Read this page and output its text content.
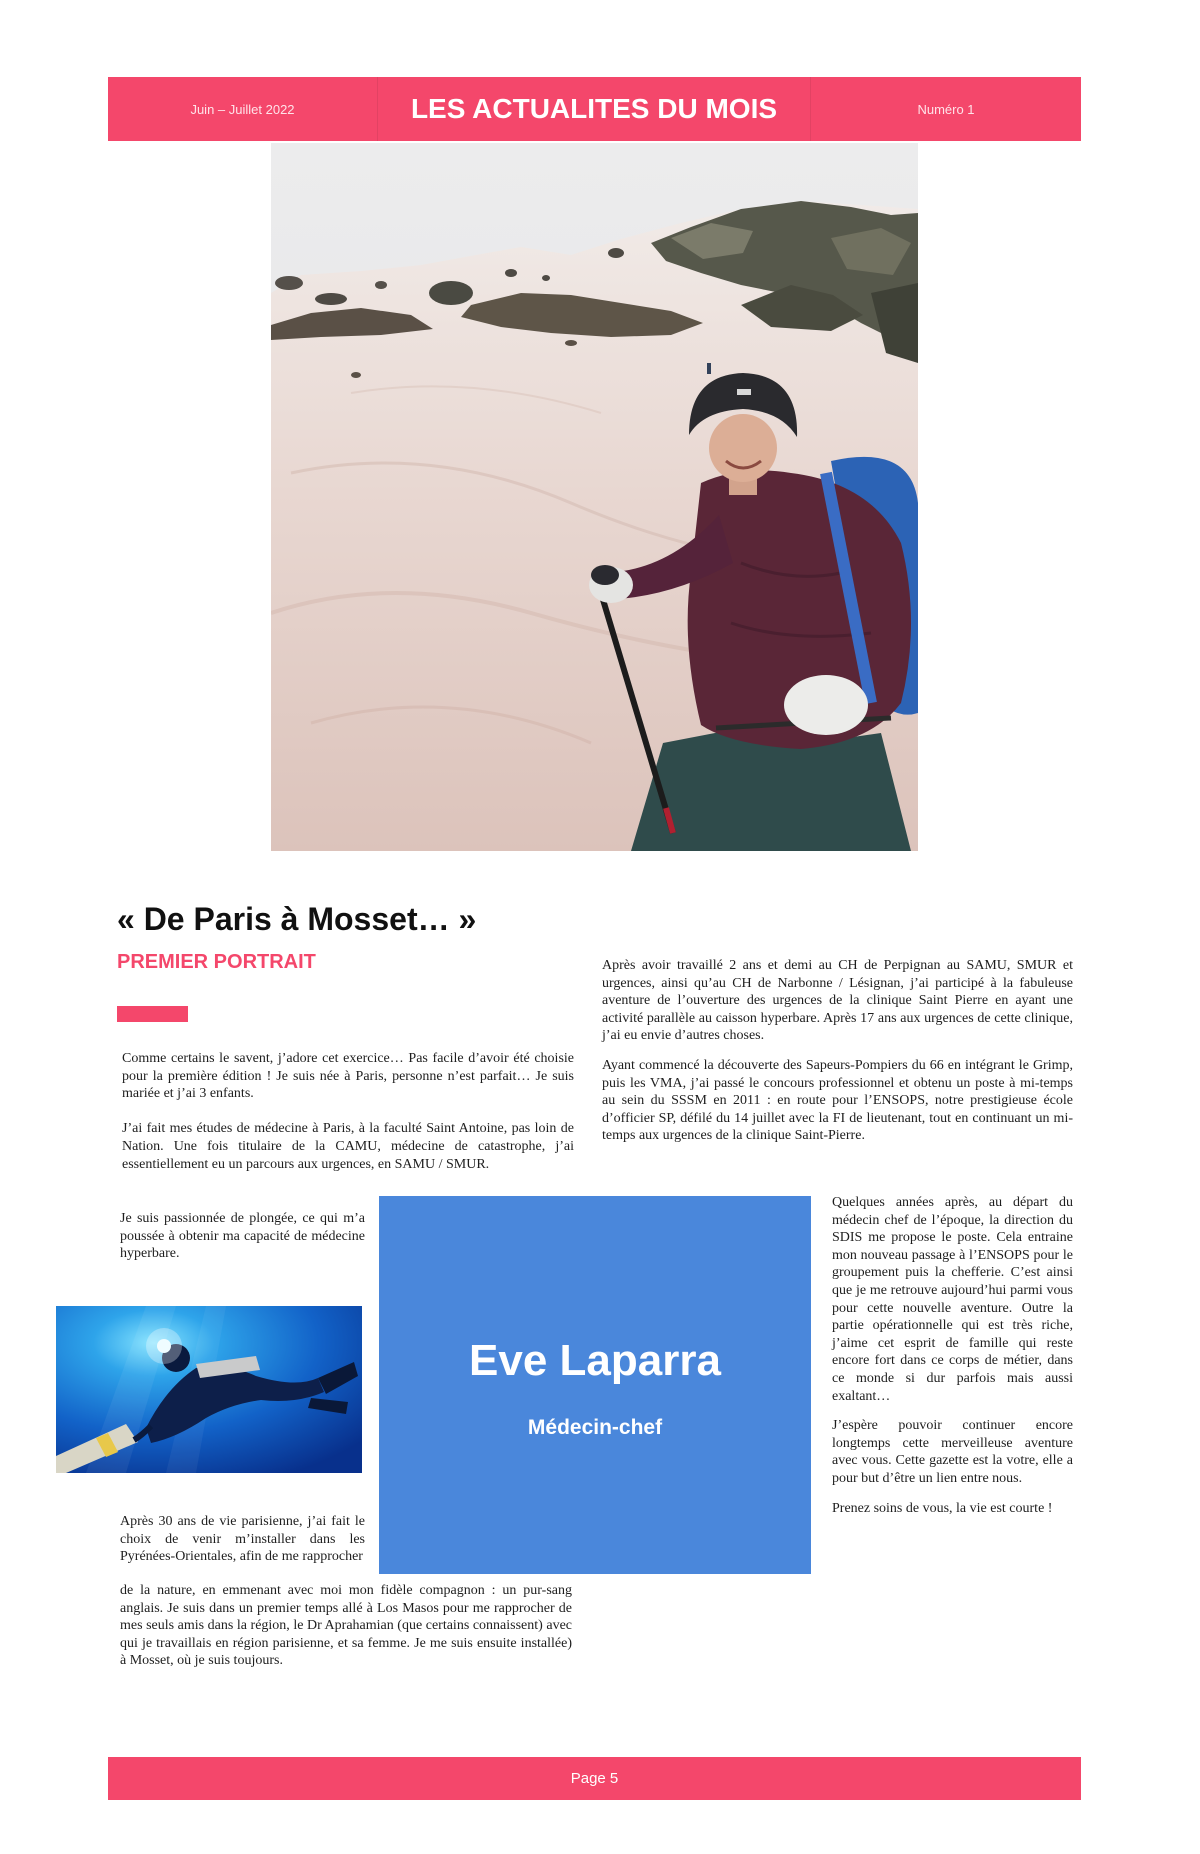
Juin – Juillet 2022	LES ACTUALITES DU MOIS	Numéro 1
« De Paris à Mosset… »
PREMIER PORTRAIT

Comme certains le savent, j’adore cet exercice… Pas facile d’avoir été choisie pour la première édition ! Je suis née à Paris, personne n’est parfait… Je suis mariée et j’ai 3 enfants.

J’ai fait mes études de médecine à Paris, à la faculté Saint Antoine, pas loin de Nation. Une fois titulaire de la CAMU, médecine de catastrophe, j’ai essentiellement eu un parcours aux urgences, en SAMU / SMUR.

Après avoir travaillé 2 ans et demi au CH de Perpignan au SAMU, SMUR et urgences, ainsi qu’au CH de Narbonne / Lésignan, j’ai participé à la fabuleuse aventure de l’ouverture des urgences de la clinique Saint Pierre en ayant une activité parallèle au caisson hyperbare. Après 17 ans aux urgences de cette clinique, j’ai eu envie d’autres choses.

Ayant commencé la découverte des Sapeurs-Pompiers du 66 en intégrant le Grimp, puis les VMA, j’ai passé le concours professionnel et obtenu un poste à mi-temps au sein du SSSM en 2011 : en route pour l’ENSOPS, notre prestigieuse école d’officier SP, défilé du 14 juillet avec la FI de lieutenant, tout en continuant un mi-temps aux urgences de la clinique Saint-Pierre.

Je suis passionnée de plongée, ce qui m’a poussée à obtenir ma capacité de médecine hyperbare.

Eve Laparra
Médecin-chef

Quelques années après, au départ du médecin chef de l’époque, la direction du SDIS me propose le poste. Cela entraine mon nouveau passage à l’ENSOPS pour le groupement puis la chefferie. C’est ainsi que je me retrouve aujourd’hui parmi vous pour cette nouvelle aventure. Outre la partie opérationnelle qui est très riche, j’aime cet esprit de famille qui reste encore fort dans ce corps de métier, dans ce monde si dur parfois mais aussi exaltant…

J’espère pouvoir continuer encore longtemps cette merveilleuse aventure avec vous. Cette gazette est la votre, elle a pour but d’être un lien entre nous.

Prenez soins de vous, la vie est courte !

Après 30 ans de vie parisienne, j’ai fait le choix de venir m’installer dans les Pyrénées-Orientales, afin de me rapprocher

de la nature, en emmenant avec moi mon fidèle compagnon : un pur-sang anglais. Je suis dans un premier temps allé à Los Masos pour me rapprocher de mes seuls amis dans la région, le Dr Aprahamian (que certains connaissent) avec qui je travaillais en région parisienne, et sa femme. Je me suis ensuite installée) à Mosset, où je suis toujours.

Page 5
